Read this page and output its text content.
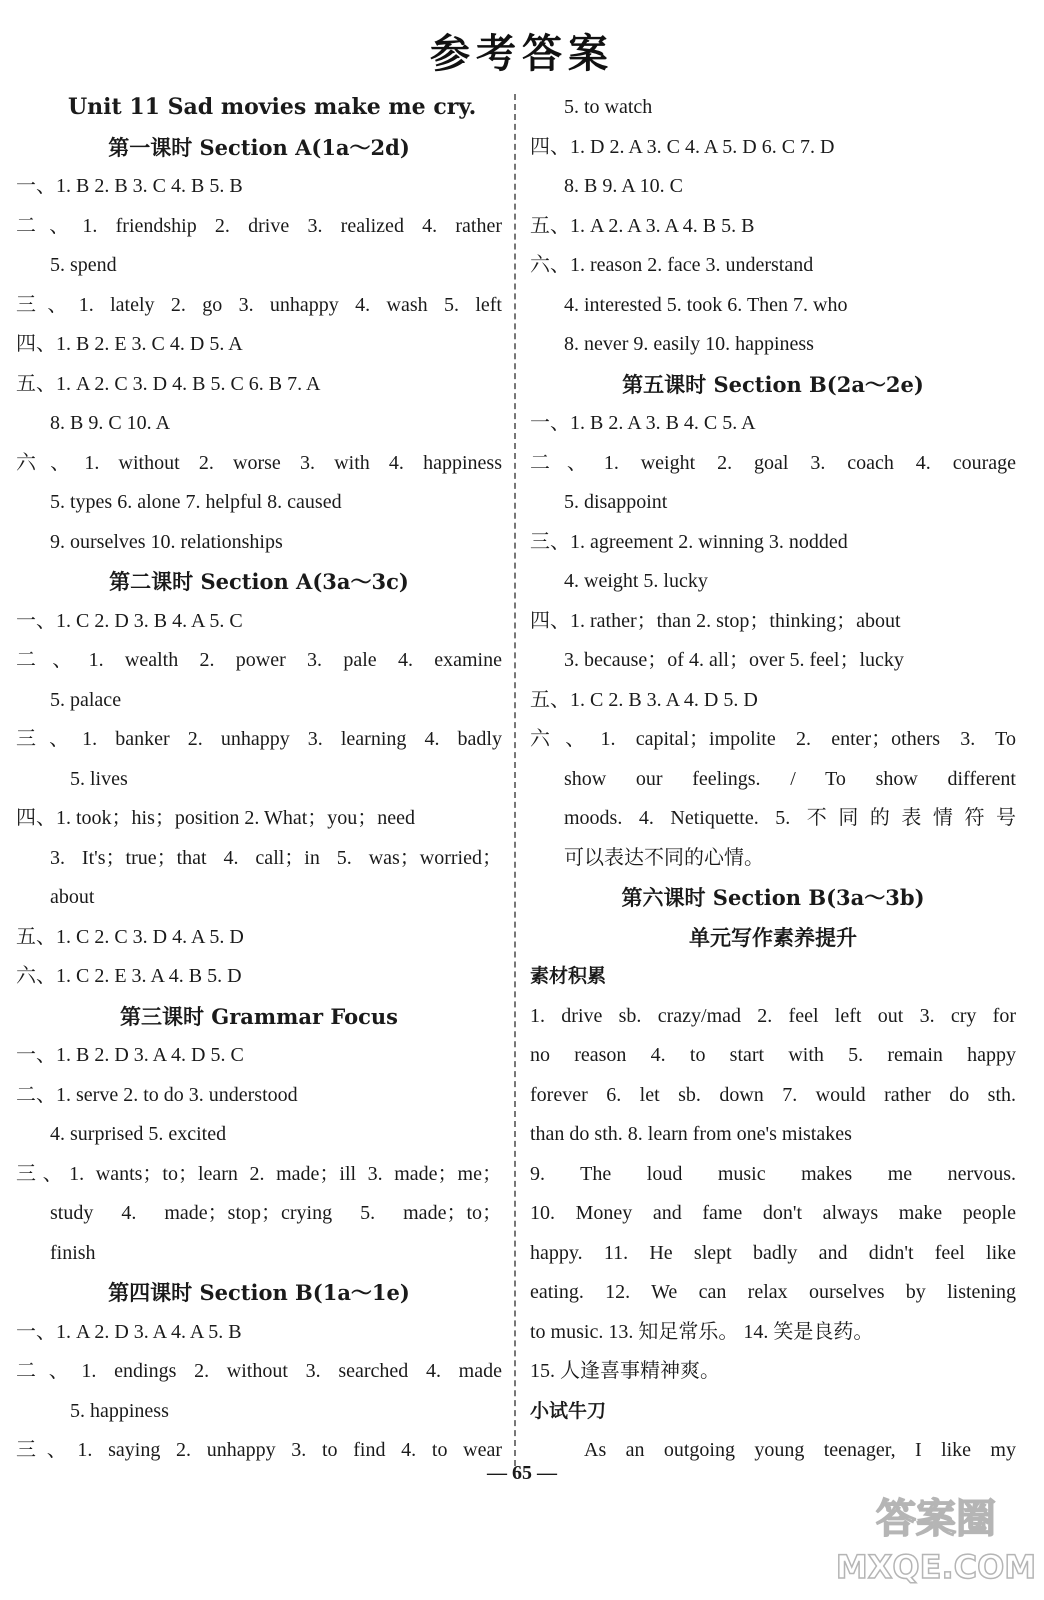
参考答案
Unit 11 Sad movies make me cry.
第一课时 Section A(1a～2d)
一、1. B 2. B 3. C 4. B 5. B
二、1. friendship 2. drive 3. realized 4. rather
5. spend
三、1. lately 2. go 3. unhappy 4. wash 5. left
四、1. B 2. E 3. C 4. D 5. A
五、1. A 2. C 3. D 4. B 5. C 6. B 7. A
8. B 9. C 10. A
六、1. without 2. worse 3. with 4. happiness
5. types 6. alone 7. helpful 8. caused
9. ourselves 10. relationships
第二课时 Section A(3a～3c)
一、1. C 2. D 3. B 4. A 5. C
二、1. wealth 2. power 3. pale 4. examine
5. palace
三、1. banker 2. unhappy 3. learning 4. badly
5. lives
四、1. took；his；position 2. What；you；need
3. It's；true；that 4. call；in 5. was；worried；
about
五、1. C 2. C 3. D 4. A 5. D
六、1. C 2. E 3. A 4. B 5. D
第三课时 Grammar Focus
一、1. B 2. D 3. A 4. D 5. C
二、1. serve 2. to do 3. understood
4. surprised 5. excited
三、1. wants；to；learn 2. made；ill 3. made；me；
study 4. made；stop；crying 5. made；to；
finish
第四课时 Section B(1a～1e)
一、1. A 2. D 3. A 4. A 5. B
二、1. endings 2. without 3. searched 4. made
5. happiness
三、1. saying 2. unhappy 3. to find 4. to wear
5. to watch
四、1. D 2. A 3. C 4. A 5. D 6. C 7. D
8. B 9. A 10. C
五、1. A 2. A 3. A 4. B 5. B
六、1. reason 2. face 3. understand
4. interested 5. took 6. Then 7. who
8. never 9. easily 10. happiness
第五课时 Section B(2a～2e)
一、1. B 2. A 3. B 4. C 5. A
二、1. weight 2. goal 3. coach 4. courage
5. disappoint
三、1. agreement 2. winning 3. nodded
4. weight 5. lucky
四、1. rather；than 2. stop；thinking；about
3. because；of 4. all；over 5. feel；lucky
五、1. C 2. B 3. A 4. D 5. D
六、1. capital；impolite 2. enter；others 3. To
show our feelings. / To show different
moods. 4. Netiquette. 5. 不同的表情符号
可以表达不同的心情。
第六课时 Section B(3a～3b)
单元写作素养提升
素材积累
1. drive sb. crazy/mad 2. feel left out 3. cry for
no reason 4. to start with 5. remain happy
forever 6. let sb. down 7. would rather do sth.
than do sth. 8. learn from one's mistakes
9. The loud music makes me nervous.
10. Money and fame don't always make people
happy. 11. He slept badly and didn't feel like
eating. 12. We can relax ourselves by listening
to music. 13. 知足常乐。 14. 笑是良药。
15. 人逢喜事精神爽。
小试牛刀
As an outgoing young teenager, I like my
— 65 —
答案圈
MXQE.COM
